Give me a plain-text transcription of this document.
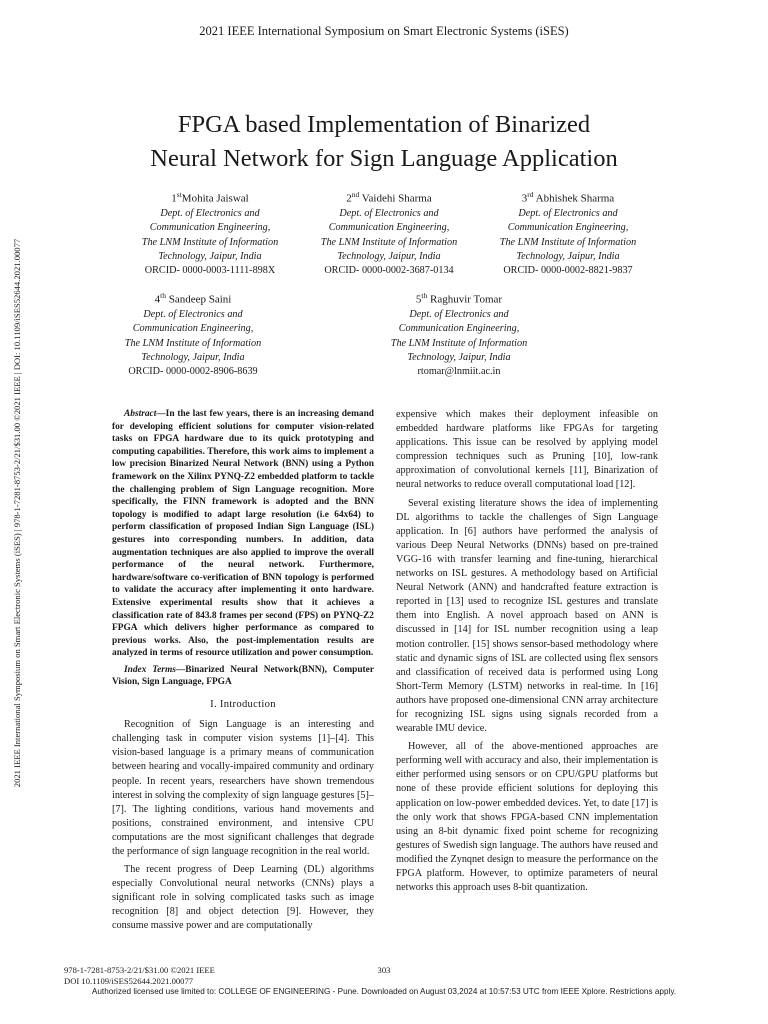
2021 IEEE International Symposium on Smart Electronic Systems (iSES)
2021 IEEE International Symposium on Smart Electronic Systems (iSES) | 978-1-7281-8753-2/21/$31.00 ©2021 IEEE | DOI: 10.1109/iSES52644.2021.00077
FPGA based Implementation of Binarized
Neural Network for Sign Language Application
1stMohita Jaiswal
Dept. of Electronics and
Communication Engineering,
The LNM Institute of Information
Technology, Jaipur, India
ORCID- 0000-0003-1111-898X
2nd Vaidehi Sharma
Dept. of Electronics and
Communication Engineering,
The LNM Institute of Information
Technology, Jaipur, India
ORCID- 0000-0002-3687-0134
3rd Abhishek Sharma
Dept. of Electronics and
Communication Engineering,
The LNM Institute of Information
Technology, Jaipur, India
ORCID- 0000-0002-8821-9837
4th Sandeep Saini
Dept. of Electronics and
Communication Engineering,
The LNM Institute of Information
Technology, Jaipur, India
ORCID- 0000-0002-8906-8639
5th Raghuvir Tomar
Dept. of Electronics and
Communication Engineering,
The LNM Institute of Information
Technology, Jaipur, India
rtomar@lnmiit.ac.in

Abstract—In the last few years, there is an increasing demand for developing efficient solutions for computer vision-related tasks on FPGA hardware due to its quick prototyping and computing capabilities. Therefore, this work aims to implement a low precision Binarized Neural Network (BNN) using a Python framework on the Xilinx PYNQ-Z2 embedded platform to tackle the challenging problem of Sign Language recognition. More specifically, the FINN framework is adopted and the BNN topology is modified to adapt large resolution (i.e 64x64) to perform classification of proposed Indian Sign Language (ISL) gestures into corresponding numbers. In addition, data augmentation techniques are also applied to improve the overall performance of the neural network. Furthermore, hardware/software co-verification of BNN topology is performed to validate the accuracy after implementing it onto hardware. Extensive experimental results show that it achieves a classification rate of 843.8 frames per second (FPS) on PYNQ-Z2 FPGA which delivers higher performance as compared to previous works. Also, the post-implementation results are analyzed in terms of resource utilization and power consumption.

Index Terms—Binarized Neural Network(BNN), Computer Vision, Sign Language, FPGA

I. Introduction

Recognition of Sign Language is an interesting and challenging task in computer vision systems [1]–[4]. This vision-based language is a primary means of communication between hearing and vocally-impaired community and ordinary people. In recent years, researchers have shown tremendous interest in solving the complexity of sign language gestures [5]–[7]. The lighting conditions, various hand movements and positions, constrained environment, and intensive CPU computations are the most significant challenges that degrade the performance of sign language recognition in the real world.

The recent progress of Deep Learning (DL) algorithms especially Convolutional neural networks (CNNs) plays a significant role in solving complicated tasks such as image recognition [8] and object detection [9]. However, they consume massive power and are computationally

expensive which makes their deployment infeasible on embedded hardware platforms like FPGAs for targeting applications. This issue can be resolved by applying model compression techniques such as Pruning [10], low-rank approximation of convolutional kernels [11], Binarization of neural networks to reduce overall computational load [12].

Several existing literature shows the idea of implementing DL algorithms to tackle the challenges of Sign Language application. In [6] authors have performed the analysis of various Deep Neural Networks (DNNs) based on pre-trained VGG-16 with transfer learning and fine-tuning, hierarchical networks on ISL gestures. A methodology based on Artificial Neural Network (ANN) and handcrafted feature extraction is reported in [13] used to recognize ISL gestures and translate them into English. A novel approach based on ANN is discussed in [14] for ISL number recognition using a leap motion controller. [15] shows sensor-based methodology where static and dynamic signs of ISL are collected using flex sensors and classification of received data is performed using Long Short-Term Memory (LSTM) networks in real-time. In [16] authors have proposed one-dimensional CNN array architecture for recognizing ISL signs using signals recorded from a wearable IMU device.

However, all of the above-mentioned approaches are performing well with accuracy and also, their implementation is either performed using sensors or on CPU/GPU platforms but none of these provide efficient solutions for deploying this application on low-power embedded devices. Yet, to date [17] is the only work that shows FPGA-based CNN implementation using an 8-bit dynamic fixed point scheme for recognizing gestures of Swedish sign language. The authors have reused and modified the Zynqnet design to measure the performance on the FPGA platform. However, to optimize parameters of neural networks this approach uses 8-bit quantization.

978-1-7281-8753-2/21/$31.00 ©2021 IEEE
DOI 10.1109/iSES52644.2021.00077
303
Authorized licensed use limited to: COLLEGE OF ENGINEERING - Pune. Downloaded on August 03,2024 at 10:57:53 UTC from IEEE Xplore. Restrictions apply.
